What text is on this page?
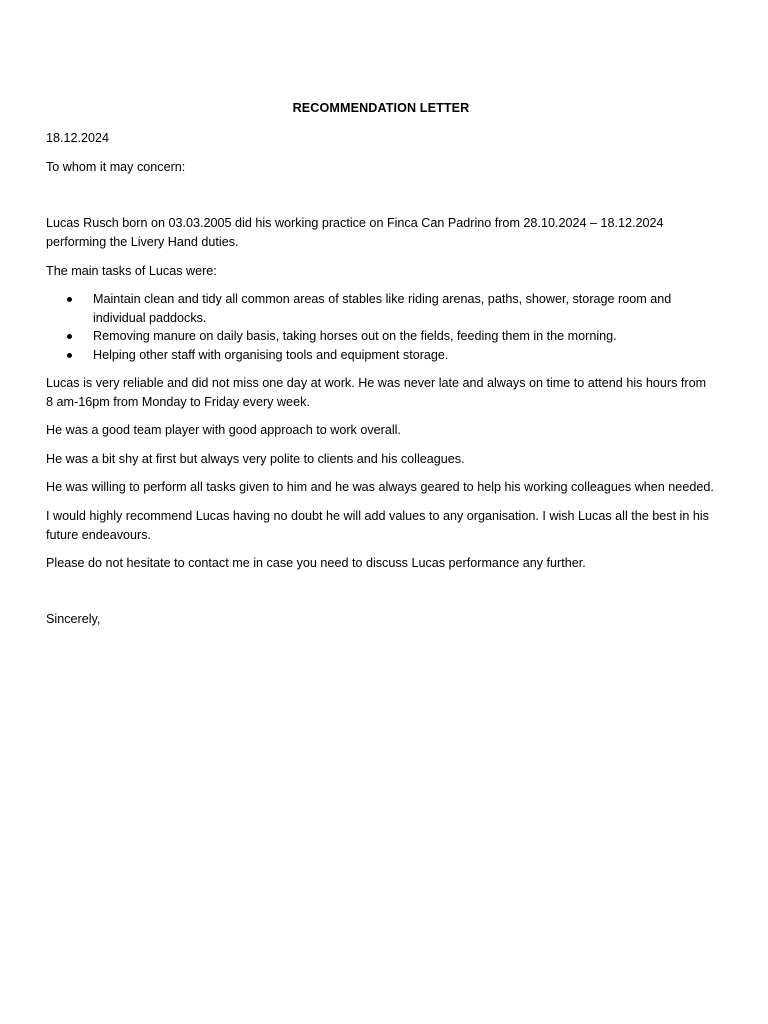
RECOMMENDATION LETTER

18.12.2024

To whom it may concern:

Lucas Rusch born on 03.03.2005 did his working practice on Finca Can Padrino from 28.10.2024 – 18.12.2024 performing the Livery Hand duties.

The main tasks of Lucas were:

Maintain clean and tidy all common areas of stables like riding arenas, paths, shower, storage room and individual paddocks.
Removing manure on daily basis, taking horses out on the fields, feeding them in the morning.
Helping other staff with organising tools and equipment storage.

Lucas is very reliable and did not miss one day at work. He was never late and always on time to attend his hours from 8 am-16pm from Monday to Friday every week.

He was a good team player with good approach to work overall.

He was a bit shy at first but always very polite to clients and his colleagues.

He was willing to perform all tasks given to him and he was always geared to help his working colleagues when needed.

I would highly recommend Lucas having no doubt he will add values to any organisation. I wish Lucas all the best in his future endeavours.

Please do not hesitate to contact me in case you need to discuss Lucas performance any further.

Sincerely,
